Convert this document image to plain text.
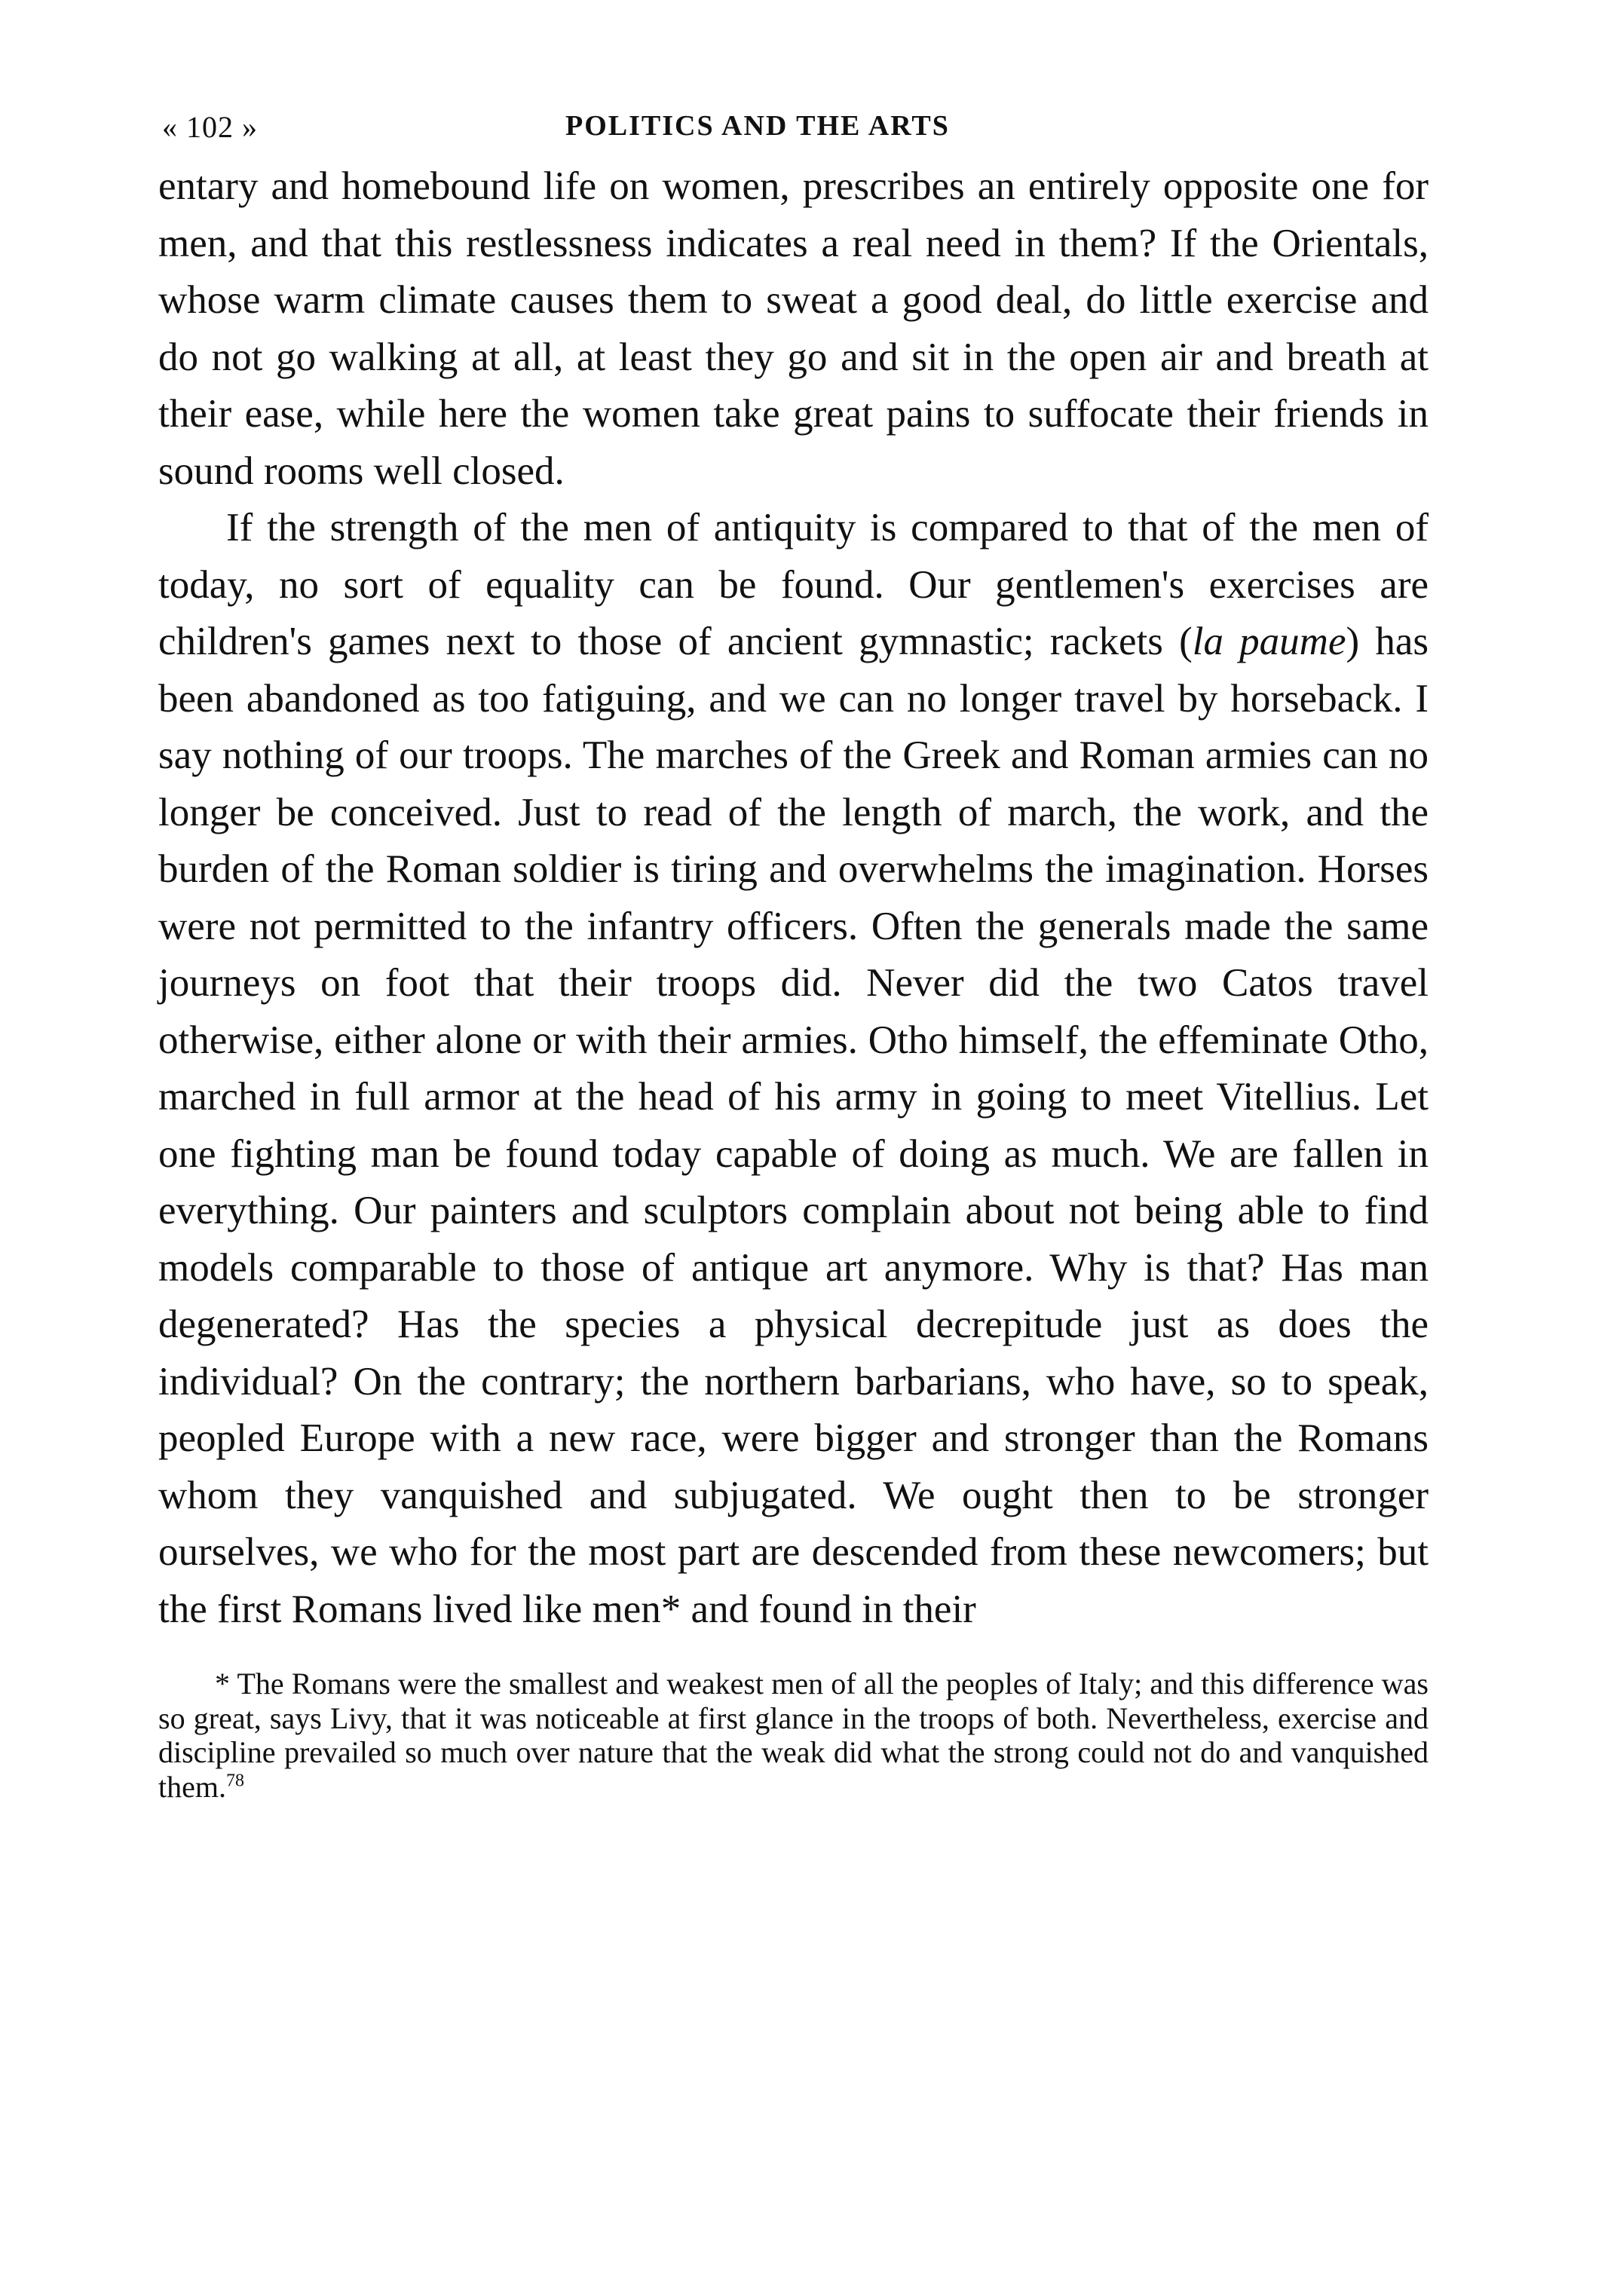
« 102 »	POLITICS AND THE ARTS

entary and homebound life on women, prescribes an entirely opposite one for men, and that this restlessness indicates a real need in them? If the Orientals, whose warm climate causes them to sweat a good deal, do little exercise and do not go walking at all, at least they go and sit in the open air and breath at their ease, while here the women take great pains to suffocate their friends in sound rooms well closed.

If the strength of the men of antiquity is compared to that of the men of today, no sort of equality can be found. Our gentlemen's exercises are children's games next to those of ancient gymnastic; rackets (la paume) has been abandoned as too fatiguing, and we can no longer travel by horseback. I say nothing of our troops. The marches of the Greek and Roman armies can no longer be conceived. Just to read of the length of march, the work, and the burden of the Roman soldier is tiring and overwhelms the imagination. Horses were not permitted to the infantry officers. Often the generals made the same journeys on foot that their troops did. Never did the two Catos travel otherwise, either alone or with their armies. Otho himself, the effeminate Otho, marched in full armor at the head of his army in going to meet Vitellius. Let one fighting man be found today capable of doing as much. We are fallen in everything. Our painters and sculptors complain about not being able to find models comparable to those of antique art anymore. Why is that? Has man degenerated? Has the species a physical decrepitude just as does the individual? On the contrary; the northern barbarians, who have, so to speak, peopled Europe with a new race, were bigger and stronger than the Romans whom they vanquished and subjugated. We ought then to be stronger ourselves, we who for the most part are descended from these newcomers; but the first Romans lived like men* and found in their

* The Romans were the smallest and weakest men of all the peoples of Italy; and this difference was so great, says Livy, that it was noticeable at first glance in the troops of both. Nevertheless, exercise and discipline prevailed so much over nature that the weak did what the strong could not do and vanquished them.$^{78}$
